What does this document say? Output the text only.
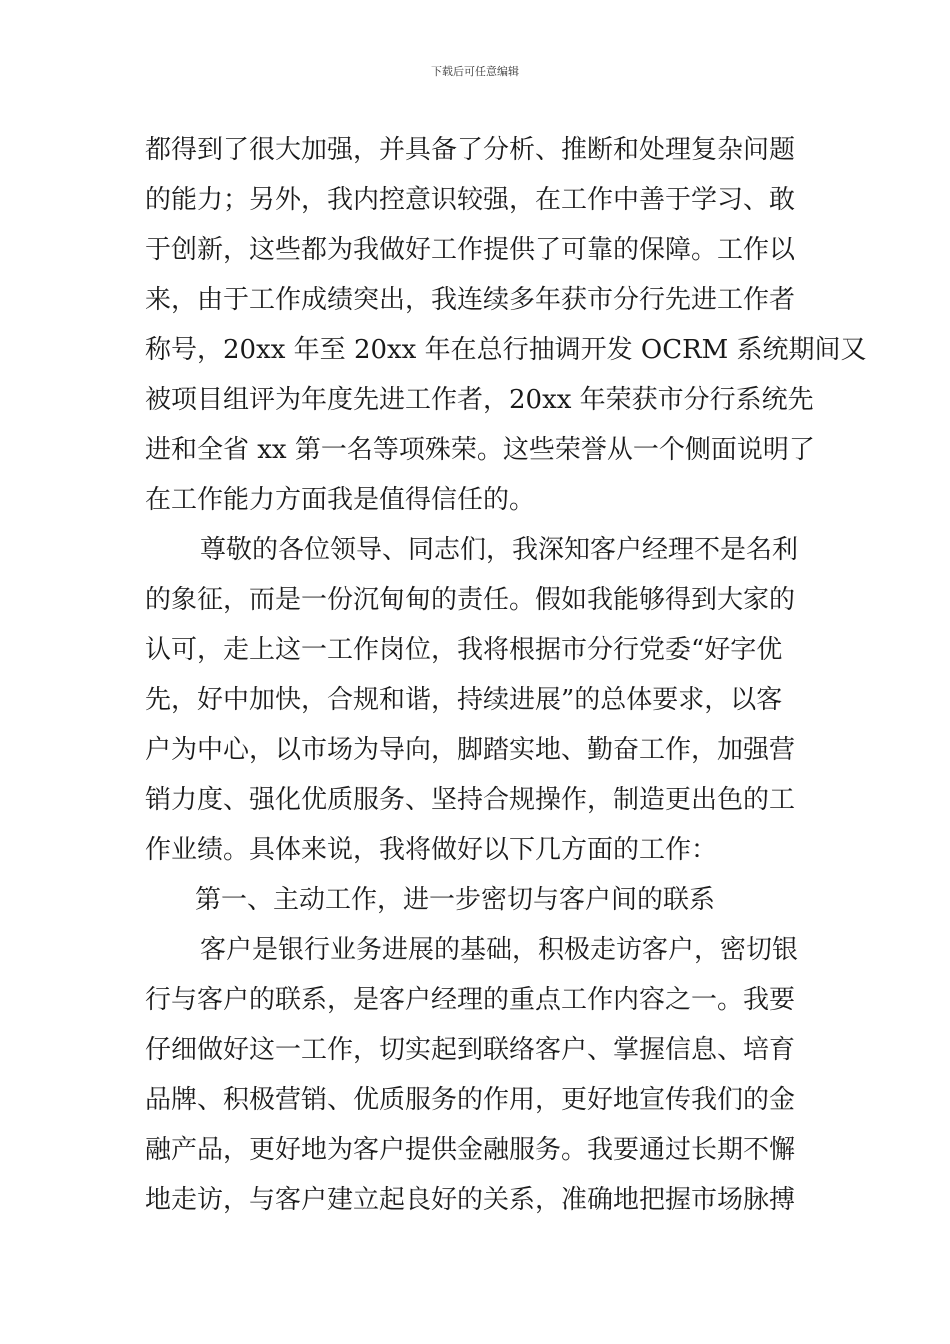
下载后可任意编辑

都得到了很大加强，并具备了分析、推断和处理复杂问题

的能力；另外，我内控意识较强，在工作中善于学习、敢

于创新，这些都为我做好工作提供了可靠的保障。工作以

来，由于工作成绩突出，我连续多年获市分行先进工作者

称号，20xx 年至 20xx 年在总行抽调开发 OCRM 系统期间又

被项目组评为年度先进工作者，20xx 年荣获市分行系统先

进和全省 xx 第一名等项殊荣。这些荣誉从一个侧面说明了

在工作能力方面我是值得信任的。

尊敬的各位领导、同志们，我深知客户经理不是名利

的象征，而是一份沉甸甸的责任。假如我能够得到大家的

认可，走上这一工作岗位，我将根据市分行党委“好字优

先，好中加快，合规和谐，持续进展”的总体要求，以客

户为中心，以市场为导向，脚踏实地、勤奋工作，加强营

销力度、强化优质服务、坚持合规操作，制造更出色的工

作业绩。具体来说，我将做好以下几方面的工作：

第一、主动工作，进一步密切与客户间的联系

客户是银行业务进展的基础，积极走访客户，密切银

行与客户的联系，是客户经理的重点工作内容之一。我要

仔细做好这一工作，切实起到联络客户、掌握信息、培育

品牌、积极营销、优质服务的作用，更好地宣传我们的金

融产品，更好地为客户提供金融服务。我要通过长期不懈

地走访，与客户建立起良好的关系，准确地把握市场脉搏
